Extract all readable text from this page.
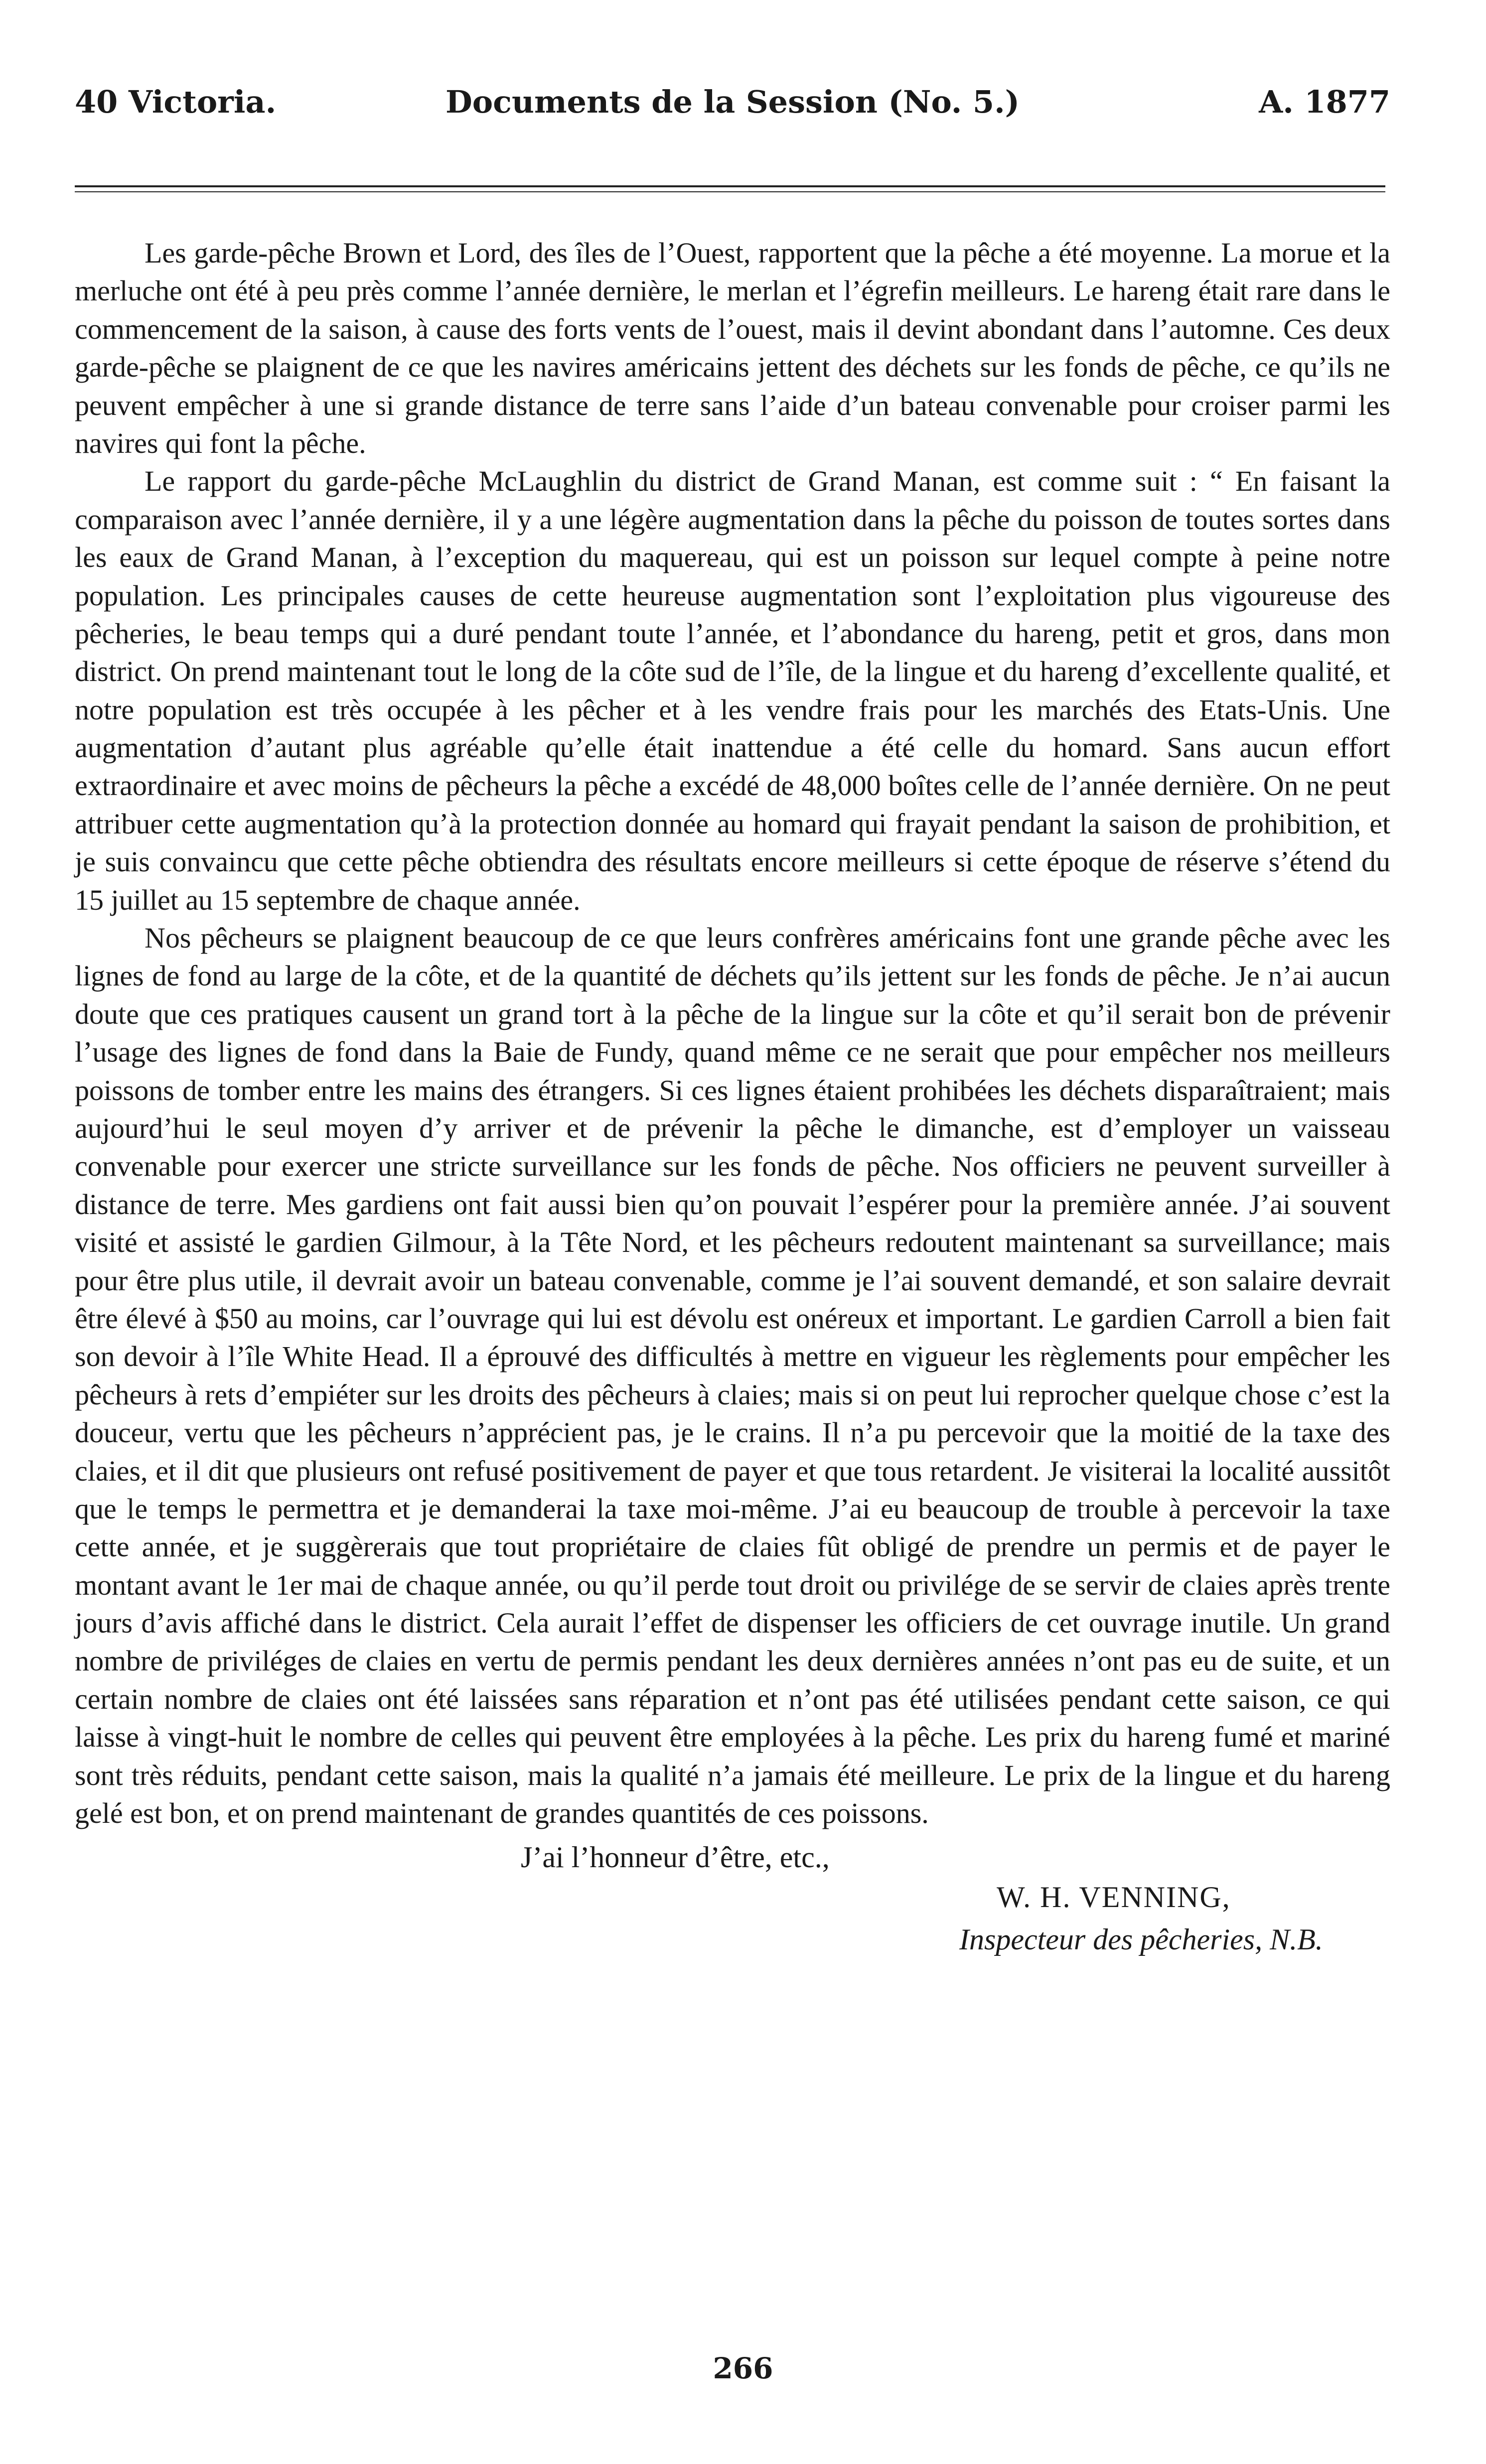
40 Victoria.	Documents de la Session (No. 5.)	A. 1877

Les garde-pêche Brown et Lord, des îles de l’Ouest, rapportent que la pêche a été moyenne. La morue et la merluche ont été à peu près comme l’année dernière, le merlan et l’égrefin meilleurs. Le hareng était rare dans le commencement de la saison, à cause des forts vents de l’ouest, mais il devint abondant dans l’automne. Ces deux garde-pêche se plaignent de ce que les navires américains jettent des déchets sur les fonds de pêche, ce qu’ils ne peuvent empêcher à une si grande distance de terre sans l’aide d’un bateau convenable pour croiser parmi les navires qui font la pêche.

Le rapport du garde-pêche McLaughlin du district de Grand Manan, est comme suit : “ En faisant la comparaison avec l’année dernière, il y a une légère augmentation dans la pêche du poisson de toutes sortes dans les eaux de Grand Manan, à l’exception du maquereau, qui est un poisson sur lequel compte à peine notre population. Les principales causes de cette heureuse augmentation sont l’exploitation plus vigoureuse des pêcheries, le beau temps qui a duré pendant toute l’année, et l’abondance du hareng, petit et gros, dans mon district. On prend maintenant tout le long de la côte sud de l’île, de la lingue et du hareng d’excellente qualité, et notre population est très occupée à les pêcher et à les vendre frais pour les marchés des Etats-Unis. Une augmentation d’autant plus agréable qu’elle était inattendue a été celle du homard. Sans aucun effort extraordinaire et avec moins de pêcheurs la pêche a excédé de 48,000 boîtes celle de l’année dernière. On ne peut attribuer cette augmentation qu’à la protection donnée au homard qui frayait pendant la saison de prohibition, et je suis convaincu que cette pêche obtiendra des résultats encore meilleurs si cette époque de réserve s’étend du 15 juillet au 15 septembre de chaque année.

Nos pêcheurs se plaignent beaucoup de ce que leurs confrères américains font une grande pêche avec les lignes de fond au large de la côte, et de la quantité de déchets qu’ils jettent sur les fonds de pêche. Je n’ai aucun doute que ces pratiques causent un grand tort à la pêche de la lingue sur la côte et qu’il serait bon de prévenir l’usage des lignes de fond dans la Baie de Fundy, quand même ce ne serait que pour empêcher nos meilleurs poissons de tomber entre les mains des étrangers. Si ces lignes étaient prohibées les déchets disparaîtraient; mais aujourd’hui le seul moyen d’y arriver et de prévenir la pêche le dimanche, est d’employer un vaisseau convenable pour exercer une stricte surveillance sur les fonds de pêche. Nos officiers ne peuvent surveiller à distance de terre. Mes gardiens ont fait aussi bien qu’on pouvait l’espérer pour la première année. J’ai souvent visité et assisté le gardien Gilmour, à la Tête Nord, et les pêcheurs redoutent maintenant sa surveillance; mais pour être plus utile, il devrait avoir un bateau convenable, comme je l’ai souvent demandé, et son salaire devrait être élevé à $50 au moins, car l’ouvrage qui lui est dévolu est onéreux et important. Le gardien Carroll a bien fait son devoir à l’île White Head. Il a éprouvé des difficultés à mettre en vigueur les règlements pour empêcher les pêcheurs à rets d’empiéter sur les droits des pêcheurs à claies; mais si on peut lui reprocher quelque chose c’est la douceur, vertu que les pêcheurs n’apprécient pas, je le crains. Il n’a pu percevoir que la moitié de la taxe des claies, et il dit que plusieurs ont refusé positivement de payer et que tous retardent. Je visiterai la localité aussitôt que le temps le permettra et je demanderai la taxe moi-même. J’ai eu beaucoup de trouble à percevoir la taxe cette année, et je suggèrerais que tout propriétaire de claies fût obligé de prendre un permis et de payer le montant avant le 1er mai de chaque année, ou qu’il perde tout droit ou privilége de se servir de claies après trente jours d’avis affiché dans le district. Cela aurait l’effet de dispenser les officiers de cet ouvrage inutile. Un grand nombre de priviléges de claies en vertu de permis pendant les deux dernières années n’ont pas eu de suite, et un certain nombre de claies ont été laissées sans réparation et n’ont pas été utilisées pendant cette saison, ce qui laisse à vingt-huit le nombre de celles qui peuvent être employées à la pêche. Les prix du hareng fumé et mariné sont très réduits, pendant cette saison, mais la qualité n’a jamais été meilleure. Le prix de la lingue et du hareng gelé est bon, et on prend maintenant de grandes quantités de ces poissons.

J’ai l’honneur d’être, etc.,
W. H. VENNING,
Inspecteur des pêcheries, N.B.
266
